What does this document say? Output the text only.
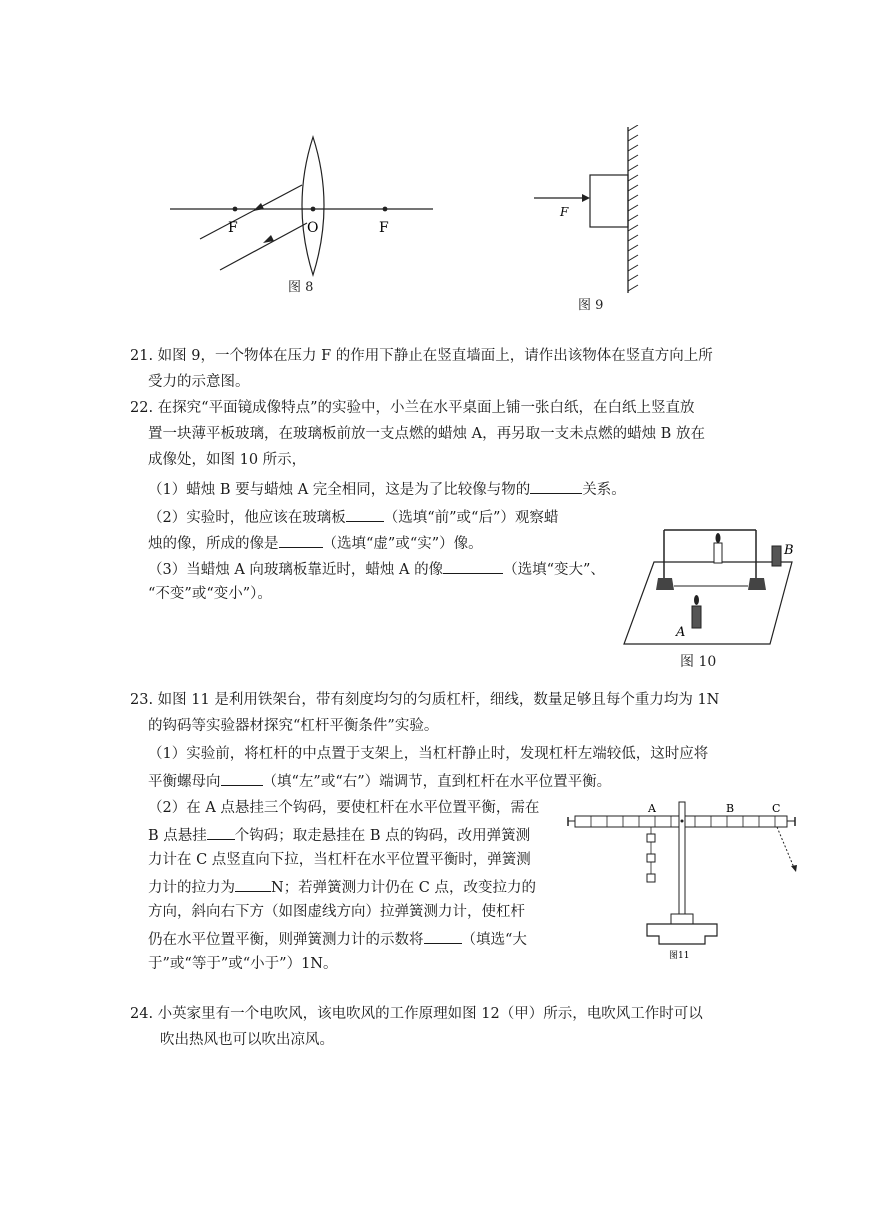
F	O	F
图 8
F
图 9
21. 如图 9，一个物体在压力 F 的作用下静止在竖直墙面上，请作出该物体在竖直方向上所
受力的示意图。
22. 在探究“平面镜成像特点”的实验中，小兰在水平桌面上铺一张白纸，在白纸上竖直放
置一块薄平板玻璃，在玻璃板前放一支点燃的蜡烛 A，再另取一支未点燃的蜡烛 B 放在
成像处，如图 10 所示，
（1）蜡烛 B 要与蜡烛 A 完全相同，这是为了比较像与物的	关系。
（2）实验时，他应该在玻璃板	（选填“前”或“后”）观察蜡
烛的像，所成的像是	（选填“虚”或“实”）像。
（3）当蜡烛 A 向玻璃板靠近时，蜡烛 A 的像	（选填“变大”、
“不变”或“变小”）。
A
B
图 10
23. 如图 11 是利用铁架台，带有刻度均匀的匀质杠杆，细线，数量足够且每个重力均为 1N
的钩码等实验器材探究“杠杆平衡条件”实验。
（1）实验前，将杠杆的中点置于支架上，当杠杆静止时，发现杠杆左端较低，这时应将
平衡螺母向	（填“左”或“右”）端调节，直到杠杆在水平位置平衡。
（2）在 A 点悬挂三个钩码，要使杠杆在水平位置平衡，需在
B 点悬挂 个钩码；取走悬挂在 B 点的钩码，改用弹簧测
力计在 C 点竖直向下拉，当杠杆在水平位置平衡时，弹簧测
力计的拉力为 N；若弹簧测力计仍在 C 点，改变拉力的
方向，斜向右下方（如图虚线方向）拉弹簧测力计，使杠杆
仍在水平位置平衡，则弹簧测力计的示数将	（填选“大
于”或“等于”或“小于”）1N。
A	B	C
图11
24. 小英家里有一个电吹风，该电吹风的工作原理如图 12（甲）所示，电吹风工作时可以
吹出热风也可以吹出凉风。
